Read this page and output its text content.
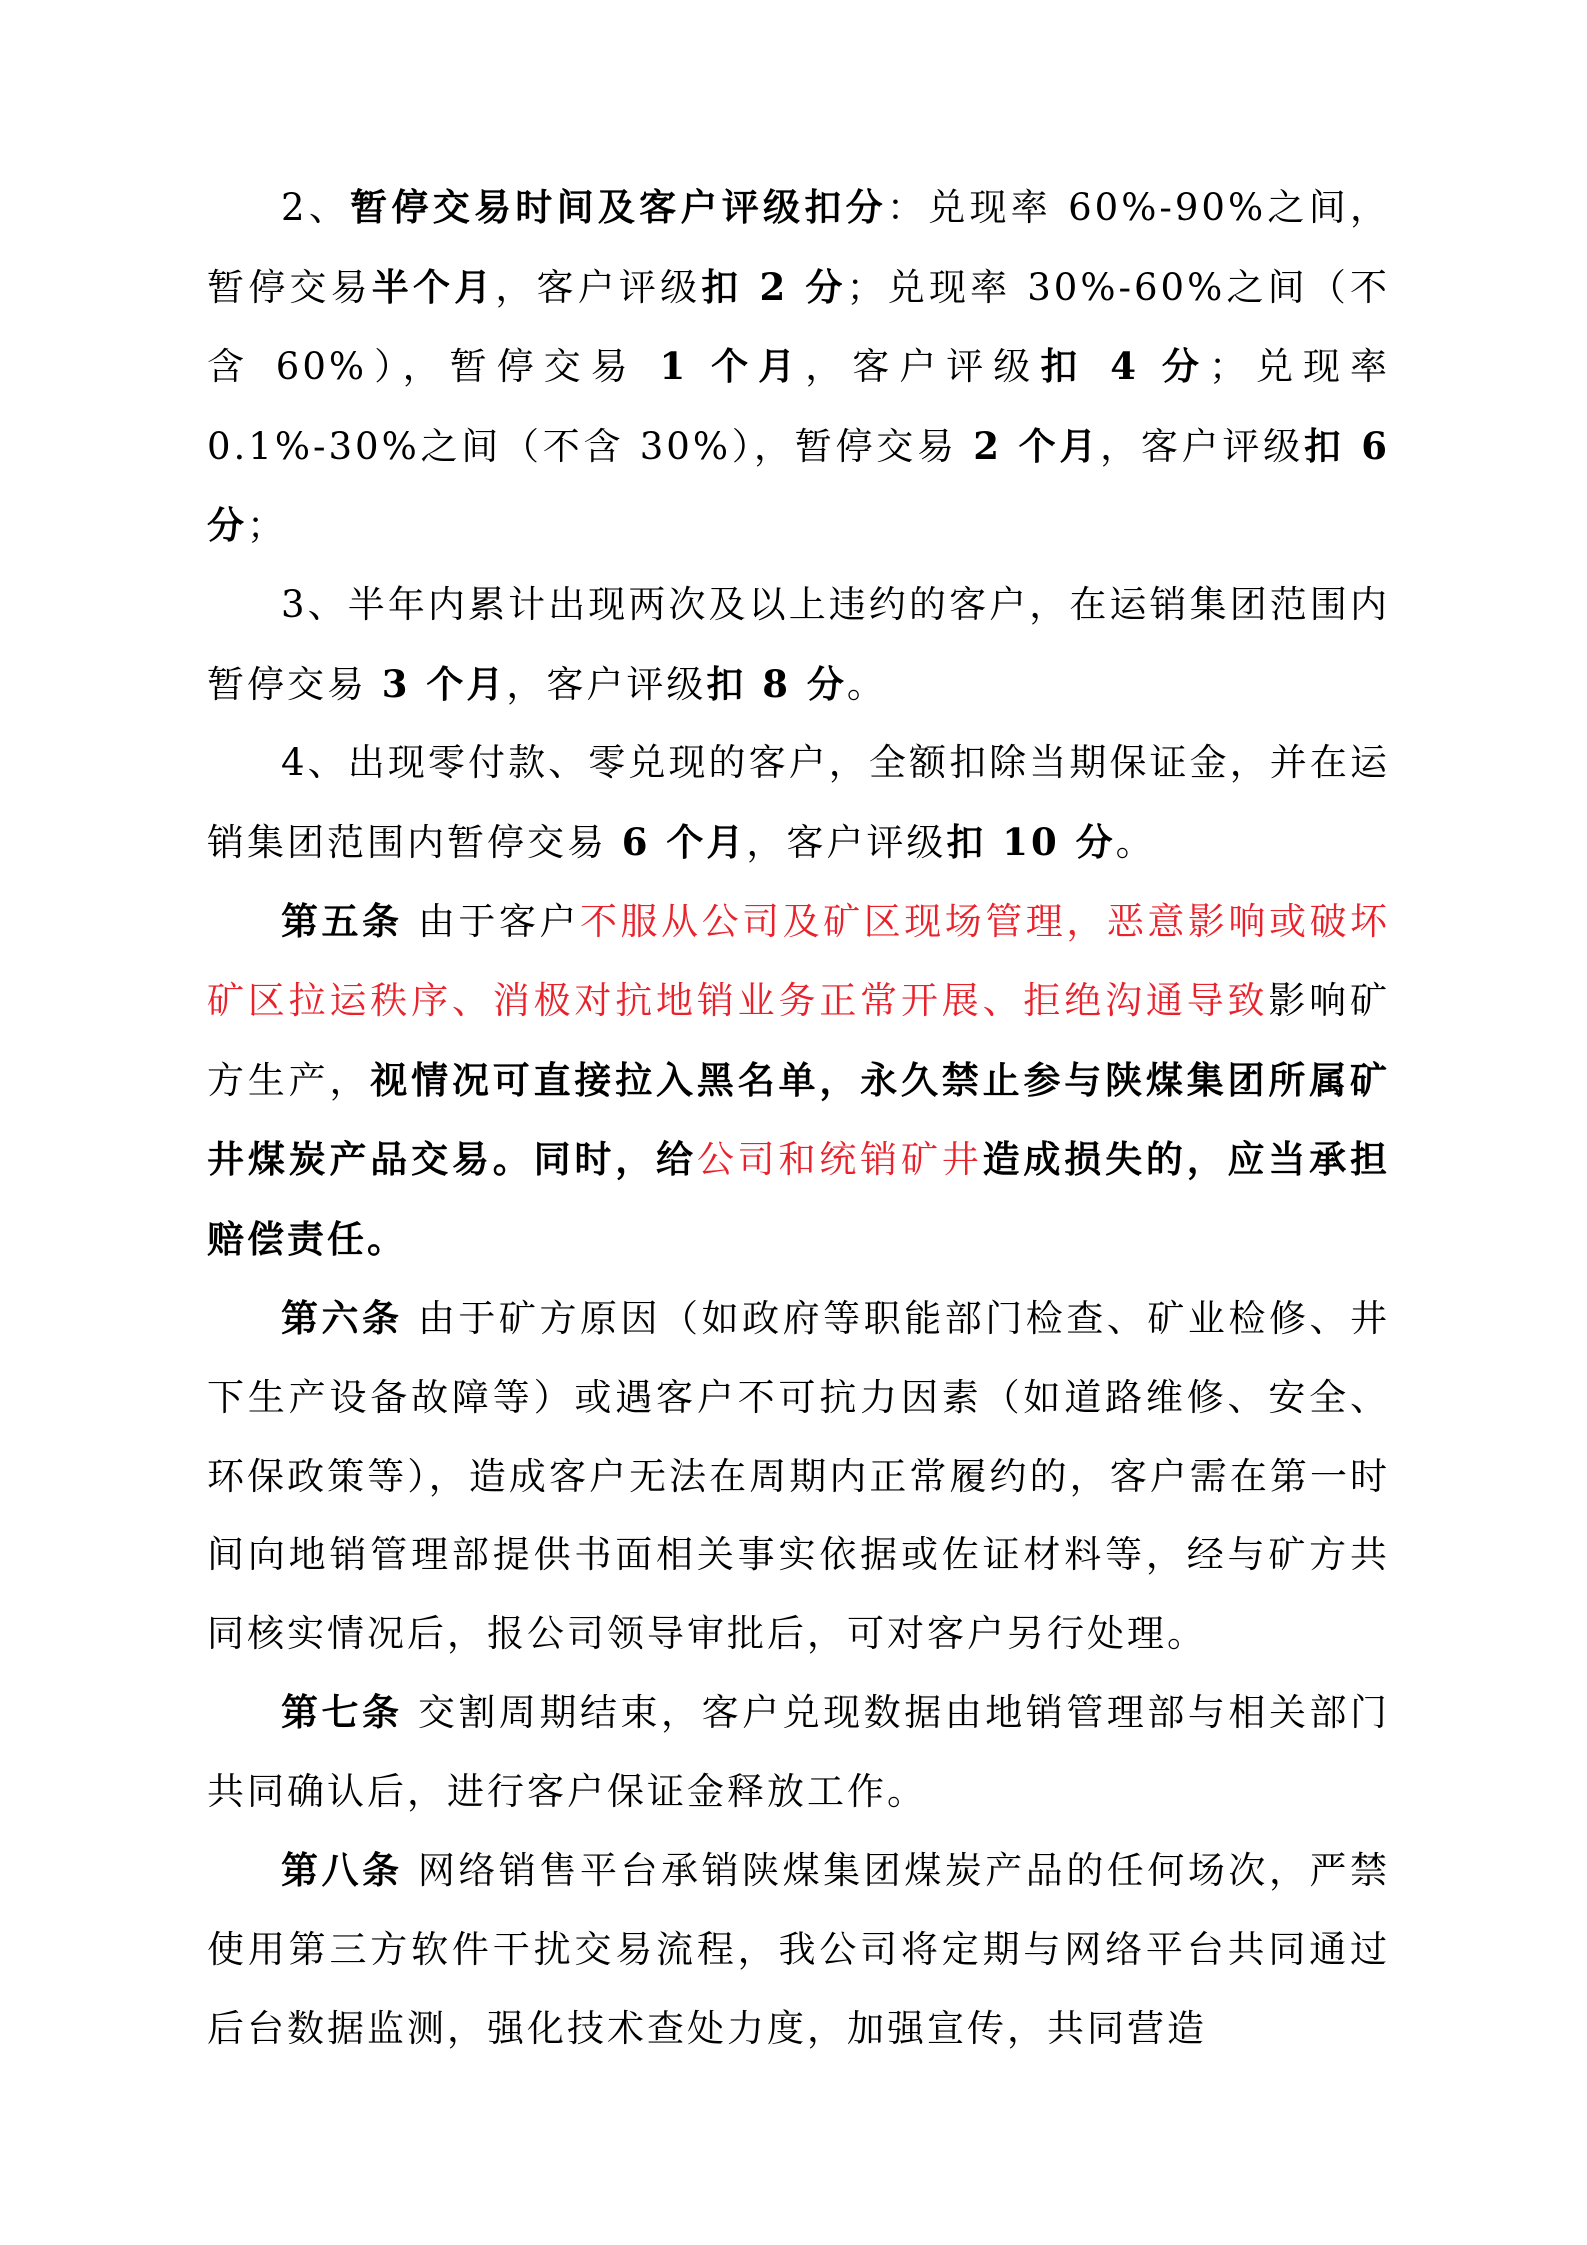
2、暂停交易时间及客户评级扣分：兑现率 60%-90%之间，暂停交易半个月，客户评级扣 2 分；兑现率 30%-60%之间（不含 60%），暂停交易 1 个月，客户评级扣 4 分；兑现率 0.1%-30%之间（不含 30%），暂停交易 2 个月，客户评级扣 6 分；

3、半年内累计出现两次及以上违约的客户，在运销集团范围内暂停交易 3 个月，客户评级扣 8 分。

4、出现零付款、零兑现的客户，全额扣除当期保证金，并在运销集团范围内暂停交易 6 个月，客户评级扣 10 分。

第五条 由于客户不服从公司及矿区现场管理，恶意影响或破坏矿区拉运秩序、消极对抗地销业务正常开展、拒绝沟通导致影响矿方生产，视情况可直接拉入黑名单，永久禁止参与陕煤集团所属矿井煤炭产品交易。同时，给公司和统销矿井造成损失的，应当承担赔偿责任。

第六条 由于矿方原因（如政府等职能部门检查、矿业检修、井下生产设备故障等）或遇客户不可抗力因素（如道路维修、安全、环保政策等），造成客户无法在周期内正常履约的，客户需在第一时间向地销管理部提供书面相关事实依据或佐证材料等，经与矿方共同核实情况后，报公司领导审批后，可对客户另行处理。

第七条 交割周期结束，客户兑现数据由地销管理部与相关部门共同确认后，进行客户保证金释放工作。

第八条 网络销售平台承销陕煤集团煤炭产品的任何场次，严禁使用第三方软件干扰交易流程，我公司将定期与网络平台共同通过后台数据监测，强化技术查处力度，加强宣传，共同营造
